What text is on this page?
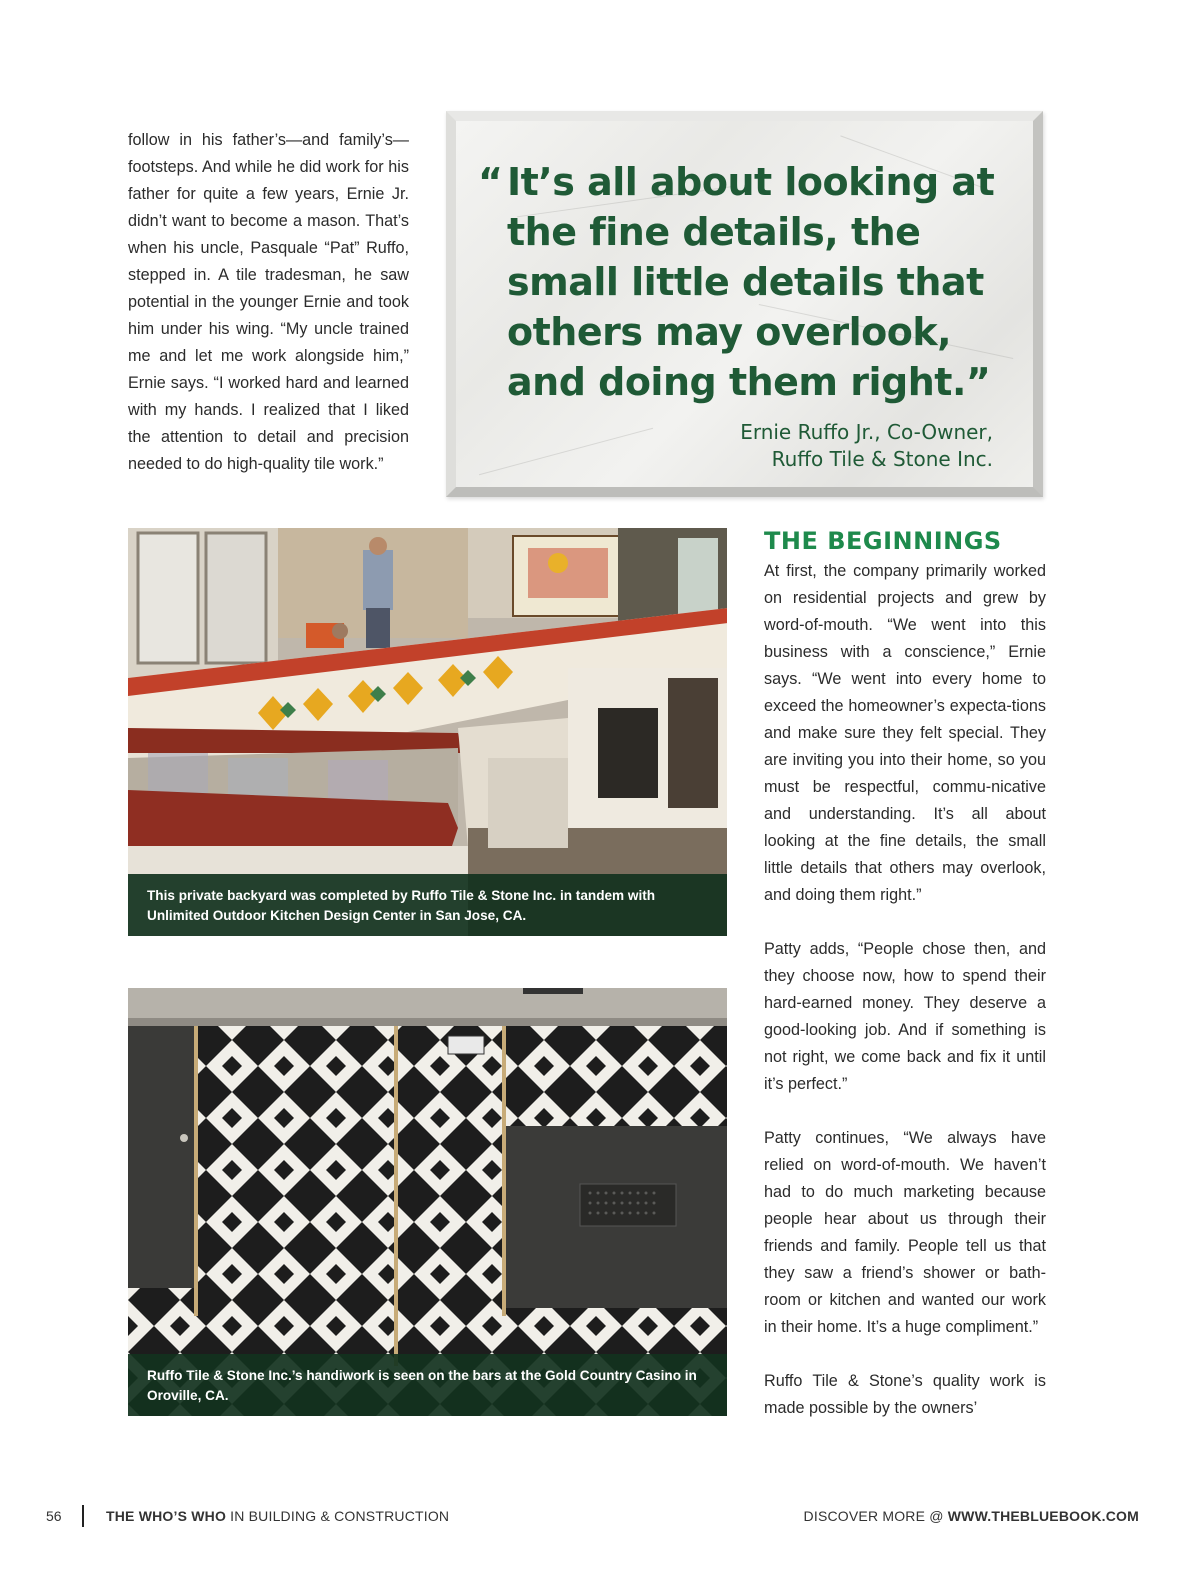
follow in his father’s—and family’s—footsteps. And while he did work for his father for quite a few years, Ernie Jr. didn’t want to become a mason. That’s when his uncle, Pasquale “Pat” Ruffo, stepped in. A tile tradesman, he saw potential in the younger Ernie and took him under his wing. “My uncle trained me and let me work alongside him,” Ernie says. “I worked hard and learned with my hands. I realized that I liked the attention to detail and precision needed to do high-quality tile work.”

“ It’s all about looking at the fine details, the small little details that others may overlook, and doing them right.”
Ernie Ruffo Jr., Co-Owner,
Ruffo Tile & Stone Inc.
This private backyard was completed by Ruffo Tile & Stone Inc. in tandem with Unlimited Outdoor Kitchen Design Center in San Jose, CA.
Ruffo Tile & Stone Inc.’s handiwork is seen on the bars at the Gold Country Casino in Oroville, CA.
THE BEGINNINGS

At first, the company primarily worked on residential projects and grew by word-of-mouth. “We went into this business with a conscience,” Ernie says. “We went into every home to exceed the homeowner’s expecta-tions and make sure they felt special. They are inviting you into their home, so you must be respectful, commu-nicative and understanding. It’s all about looking at the fine details, the small little details that others may overlook, and doing them right.”

Patty adds, “People chose then, and they choose now, how to spend their hard-earned money. They deserve a good-looking job. And if something is not right, we come back and fix it until it’s perfect.”

Patty continues, “We always have relied on word-of-mouth. We haven’t had to do much marketing because people hear about us through their friends and family. People tell us that they saw a friend’s shower or bath-room or kitchen and wanted our work in their home. It’s a huge compliment.”

Ruffo Tile & Stone’s quality work is made possible by the owners’

56	THE WHO’S WHO IN BUILDING & CONSTRUCTION	DISCOVER MORE @ WWW.THEBLUEBOOK.COM
